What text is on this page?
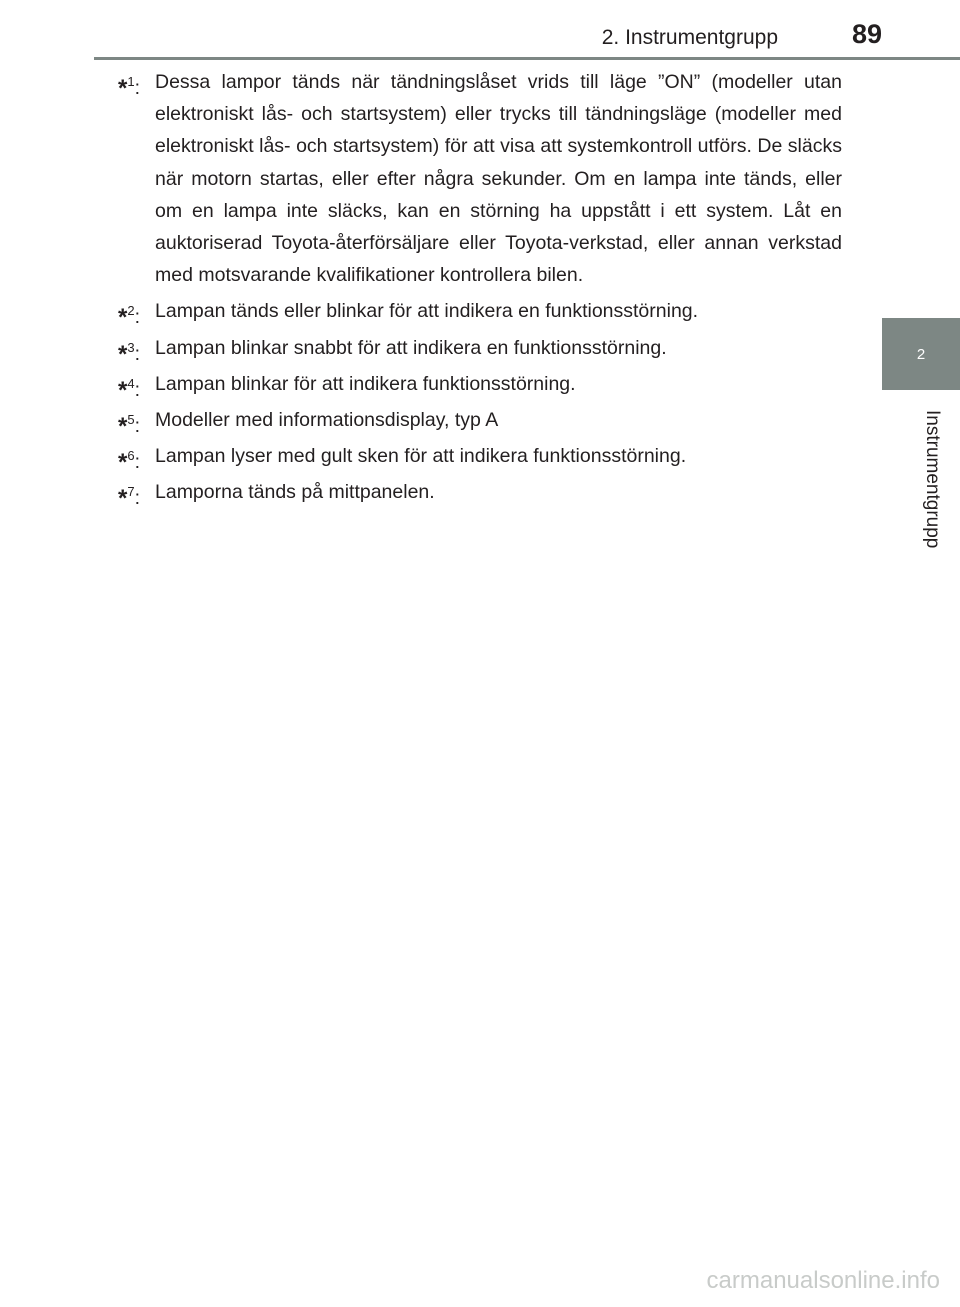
2. Instrumentgrupp	89
2
Instrumentgrupp
*$^1$: Dessa lampor tänds när tändningslåset vrids till läge ”ON” (modeller utan elektroniskt lås- och startsystem) eller trycks till tändningsläge (modeller med elektroniskt lås- och startsystem) för att visa att systemkontroll utförs. De släcks när motorn startas, eller efter några sekunder. Om en lampa inte tänds, eller om en lampa inte släcks, kan en störning ha uppstått i ett system. Låt en auktoriserad Toyota-återförsäljare eller Toyota-verkstad, eller annan verkstad med motsvarande kvalifikationer kontrollera bilen.
*$^2$: Lampan tänds eller blinkar för att indikera en funktionsstörning.
*$^3$: Lampan blinkar snabbt för att indikera en funktionsstörning.
*$^4$: Lampan blinkar för att indikera funktionsstörning.
*$^5$: Modeller med informationsdisplay, typ A
*$^6$: Lampan lyser med gult sken för att indikera funktionsstörning.
*$^7$: Lamporna tänds på mittpanelen.
carmanualsonline.info
